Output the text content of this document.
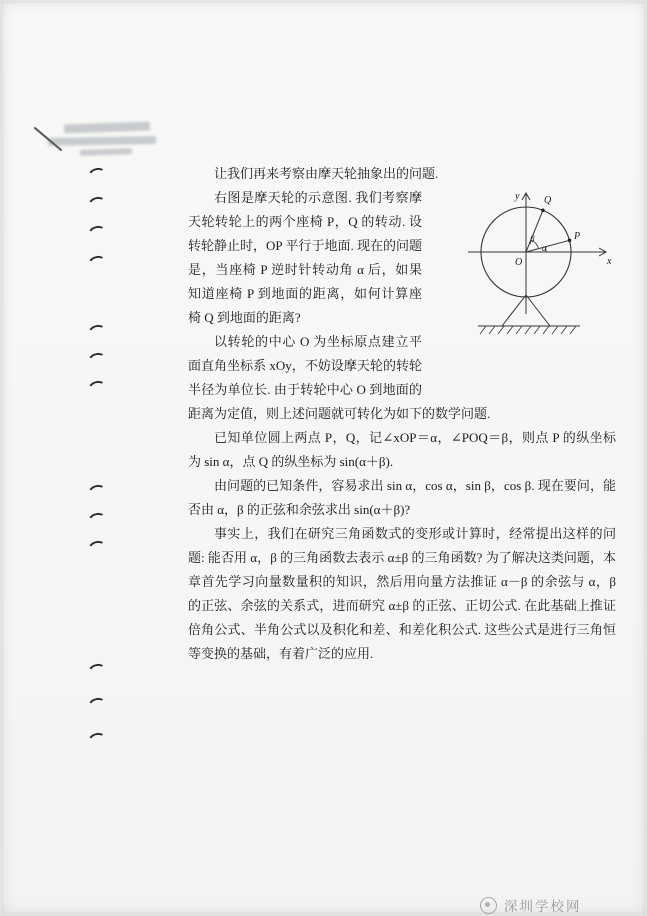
让我们再来考察由摩天轮抽象出的问题.

y
x
O
P
Q
β
α

右图是摩天轮的示意图. 我们考察摩天轮转轮上的两个座椅 P，Q 的转动. 设转轮静止时，OP 平行于地面. 现在的问题是，当座椅 P 逆时针转动角 α 后，如果知道座椅 P 到地面的距离，如何计算座椅 Q 到地面的距离?

以转轮的中心 O 为坐标原点建立平面直角坐标系 xOy，不妨设摩天轮的转轮半径为单位长. 由于转轮中心 O 到地面的距离为定值，则上述问题就可转化为如下的数学问题.

已知单位圆上两点 P，Q，记∠xOP＝α，∠POQ＝β，则点 P 的纵坐标为 sin α，点 Q 的纵坐标为 sin(α＋β).

由问题的已知条件，容易求出 sin α，cos α，sin β，cos β. 现在要问，能否由 α，β 的正弦和余弦求出 sin(α＋β)?

事实上，我们在研究三角函数式的变形或计算时，经常提出这样的问题: 能否用 α，β 的三角函数去表示 α±β 的三角函数? 为了解决这类问题，本章首先学习向量数量积的知识，然后用向量方法推证 α－β 的余弦与 α，β 的正弦、余弦的关系式，进而研究 α±β 的正弦、正切公式. 在此基础上推证倍角公式、半角公式以及积化和差、和差化积公式. 这些公式是进行三角恒等变换的基础，有着广泛的应用.

深圳学校网
